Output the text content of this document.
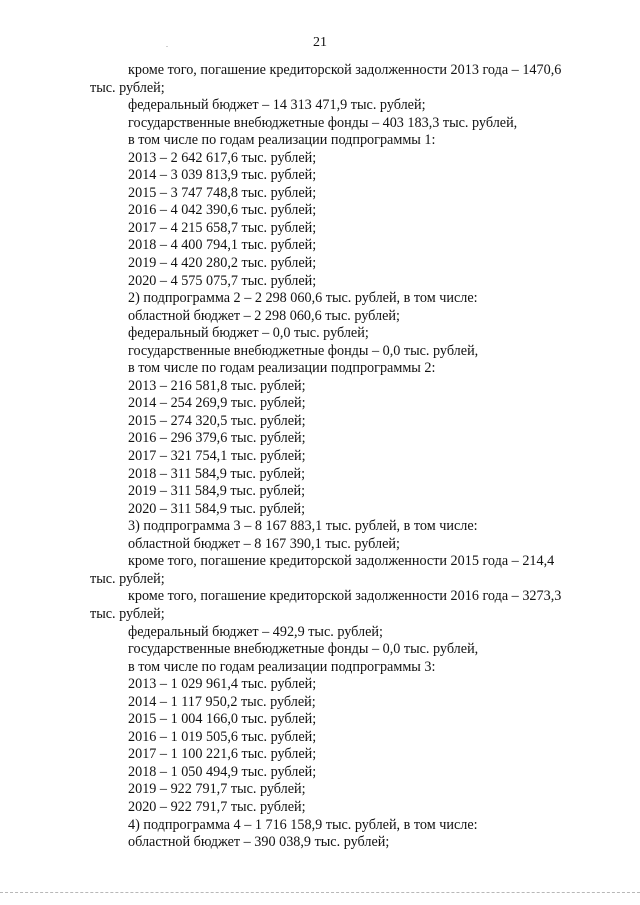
21
кроме того, погашение кредиторской задолженности 2013 года – 1470,6
тыс. рублей;
федеральный бюджет – 14 313 471,9 тыс. рублей;
государственные внебюджетные фонды – 403 183,3 тыс. рублей,
в том числе по годам реализации подпрограммы 1:
2013 – 2 642 617,6 тыс. рублей;
2014 – 3 039 813,9 тыс. рублей;
2015 – 3 747 748,8 тыс. рублей;
2016 – 4 042 390,6 тыс. рублей;
2017 – 4 215 658,7 тыс. рублей;
2018 – 4 400 794,1 тыс. рублей;
2019 – 4 420 280,2 тыс. рублей;
2020 – 4 575 075,7 тыс. рублей;
2) подпрограмма 2 – 2 298 060,6 тыс. рублей, в том числе:
областной бюджет – 2 298 060,6 тыс. рублей;
федеральный бюджет – 0,0 тыс. рублей;
государственные внебюджетные фонды – 0,0 тыс. рублей,
в том числе по годам реализации подпрограммы 2:
2013 – 216 581,8 тыс. рублей;
2014 – 254 269,9 тыс. рублей;
2015 – 274 320,5 тыс. рублей;
2016 – 296 379,6 тыс. рублей;
2017 – 321 754,1 тыс. рублей;
2018 – 311 584,9 тыс. рублей;
2019 – 311 584,9 тыс. рублей;
2020 – 311 584,9 тыс. рублей;
3) подпрограмма 3 – 8 167 883,1 тыс. рублей, в том числе:
областной бюджет – 8 167 390,1 тыс. рублей;
кроме того, погашение кредиторской задолженности 2015 года – 214,4
тыс. рублей;
кроме того, погашение кредиторской задолженности 2016 года – 3273,3
тыс. рублей;
федеральный бюджет – 492,9 тыс. рублей;
государственные внебюджетные фонды – 0,0 тыс. рублей,
в том числе по годам реализации подпрограммы 3:
2013 – 1 029 961,4 тыс. рублей;
2014 – 1 117 950,2 тыс. рублей;
2015 – 1 004 166,0 тыс. рублей;
2016 – 1 019 505,6 тыс. рублей;
2017 – 1 100 221,6 тыс. рублей;
2018 – 1 050 494,9 тыс. рублей;
2019 – 922 791,7 тыс. рублей;
2020 – 922 791,7 тыс. рублей;
4) подпрограмма 4 – 1 716 158,9 тыс. рублей, в том числе:
областной бюджет – 390 038,9 тыс. рублей;
